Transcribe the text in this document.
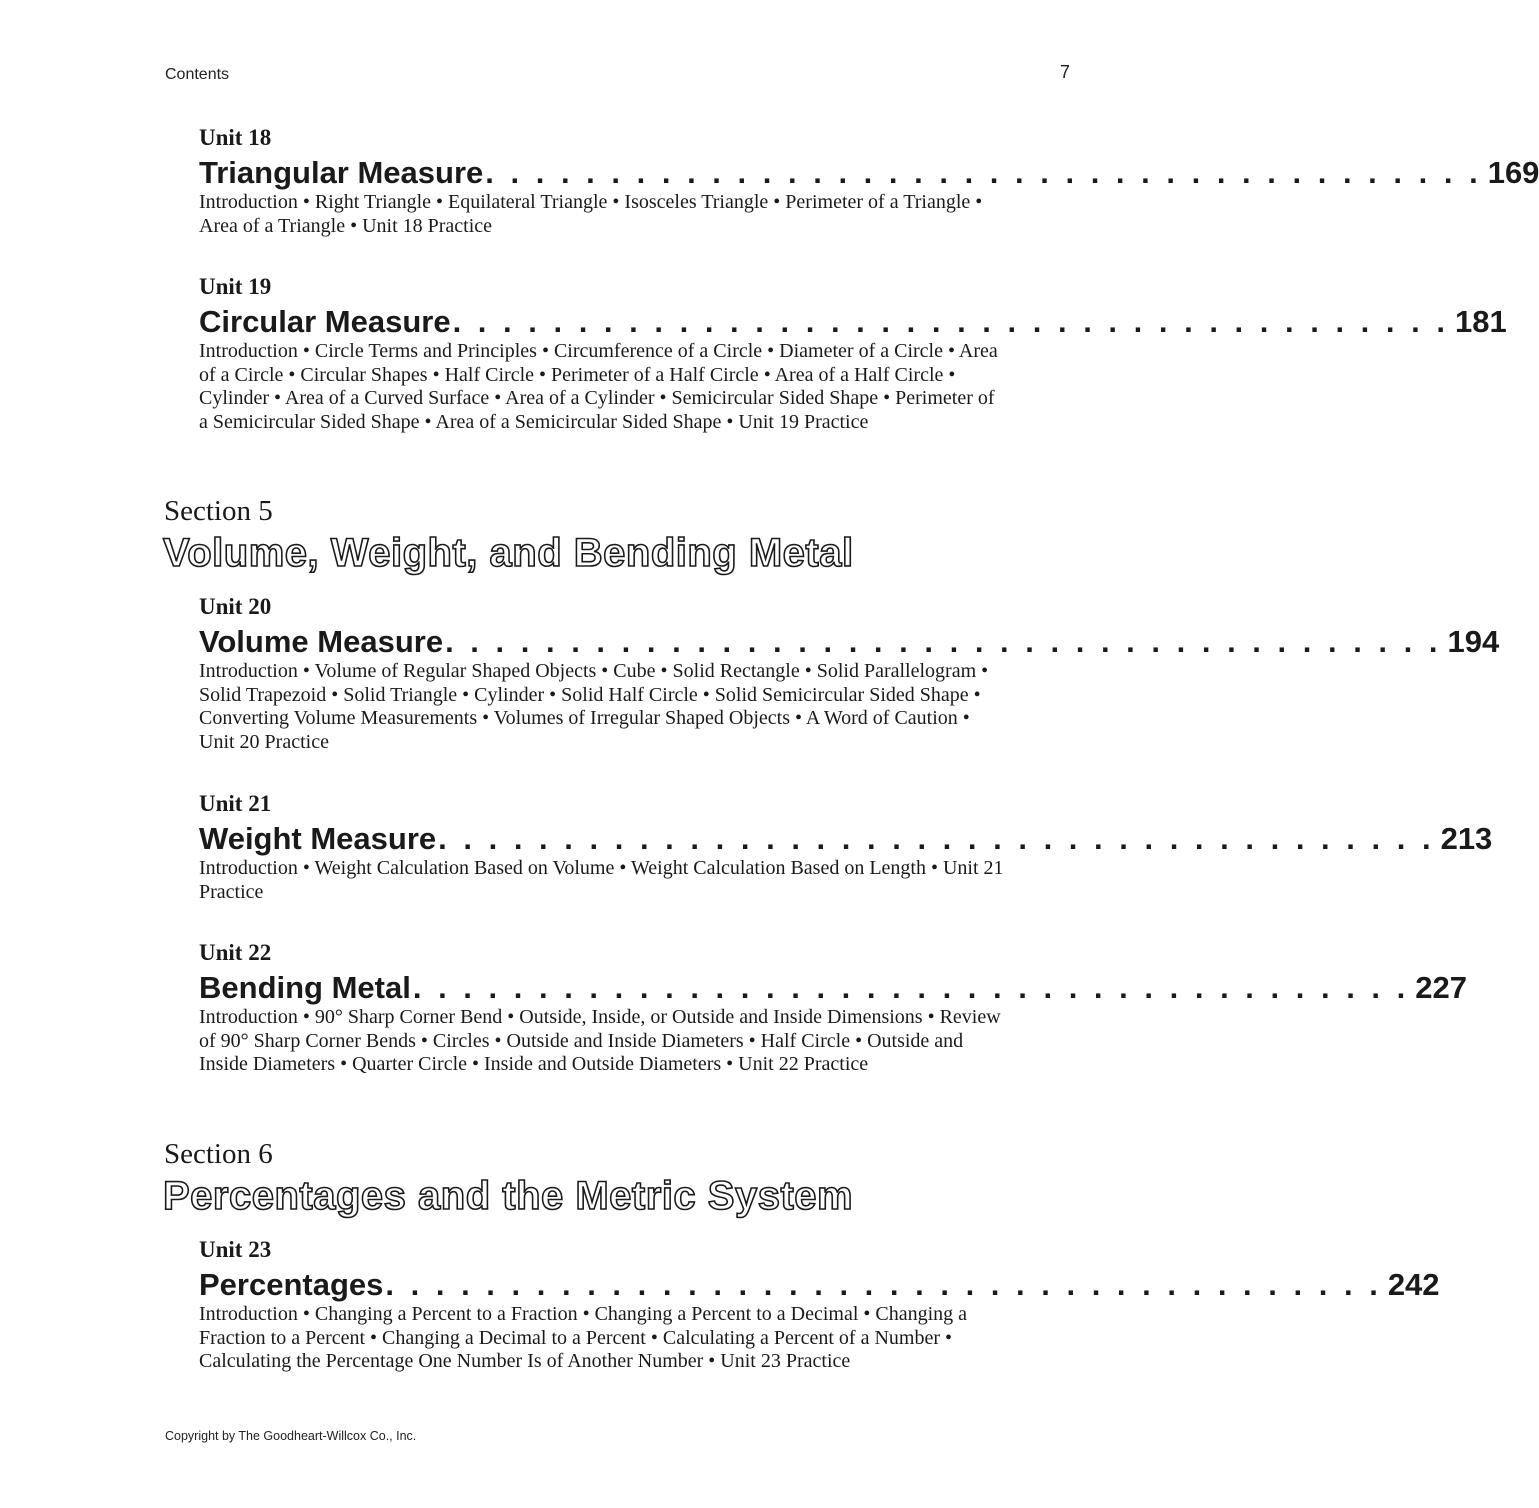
Contents	7
Unit 18
Triangular Measure . . . . . . . . . . . . . . . . . . . . . . . . . . . . . . . . . . . . . . . . 169

Introduction • Right Triangle • Equilateral Triangle • Isosceles Triangle • Perimeter of a Triangle • Area of a Triangle • Unit 18 Practice

Unit 19
Circular Measure . . . . . . . . . . . . . . . . . . . . . . . . . . . . . . . . . . . . . . . . 181

Introduction • Circle Terms and Principles • Circumference of a Circle • Diameter of a Circle • Area of a Circle • Circular Shapes • Half Circle • Perimeter of a Half Circle • Area of a Half Circle • Cylinder • Area of a Curved Surface • Area of a Cylinder • Semicircular Sided Shape • Perimeter of a Semicircular Sided Shape • Area of a Semicircular Sided Shape • Unit 19 Practice

Section 5
Volume, Weight, and Bending Metal
Unit 20
Volume Measure . . . . . . . . . . . . . . . . . . . . . . . . . . . . . . . . . . . . . . . . 194

Introduction • Volume of Regular Shaped Objects • Cube • Solid Rectangle • Solid Parallelogram • Solid Trapezoid • Solid Triangle • Cylinder • Solid Half Circle • Solid Semicircular Sided Shape • Converting Volume Measurements • Volumes of Irregular Shaped Objects • A Word of Caution • Unit 20 Practice

Unit 21
Weight Measure . . . . . . . . . . . . . . . . . . . . . . . . . . . . . . . . . . . . . . . . 213

Introduction • Weight Calculation Based on Volume • Weight Calculation Based on Length • Unit 21 Practice

Unit 22
Bending Metal . . . . . . . . . . . . . . . . . . . . . . . . . . . . . . . . . . . . . . . . 227

Introduction • 90° Sharp Corner Bend • Outside, Inside, or Outside and Inside Dimensions • Review of 90° Sharp Corner Bends • Circles • Outside and Inside Diameters • Half Circle • Outside and Inside Diameters • Quarter Circle • Inside and Outside Diameters • Unit 22 Practice

Section 6
Percentages and the Metric System
Unit 23
Percentages . . . . . . . . . . . . . . . . . . . . . . . . . . . . . . . . . . . . . . . . 242

Introduction • Changing a Percent to a Fraction • Changing a Percent to a Decimal • Changing a Fraction to a Percent • Changing a Decimal to a Percent • Calculating a Percent of a Number • Calculating the Percentage One Number Is of Another Number • Unit 23 Practice

Copyright by The Goodheart-Willcox Co., Inc.
